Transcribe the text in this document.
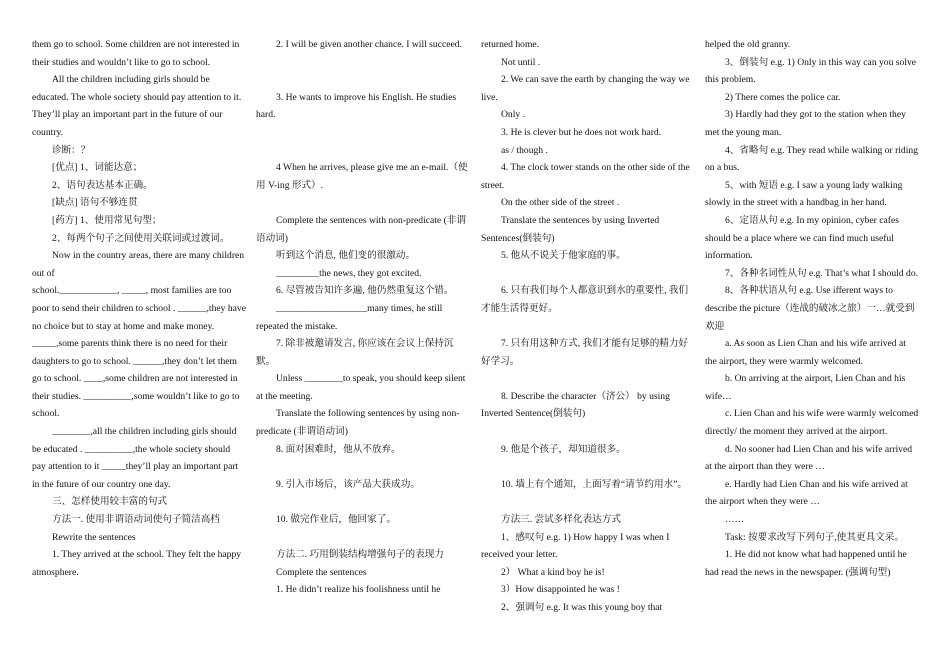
them go to school. Some children are not interested in their studies and wouldn’t like to go to school.

All the children including girls should be educated. The whole society should pay attention to it. They’ll play an important part in the future of our country.

诊断：？

[优点] 1、词能达意；

2、语句表达基本正确。

[缺点] 语句不够连贯

[药方] 1、使用常见句型；

2、每两个句子之间使用关联词或过渡词。

Now in the country areas, there are many children out of

school.____________, _____, most families are too poor to send their children to school . ______,they have no choice but to stay at home and make money. _____,some parents think there is no need for their daughters to go to school. ______,they don’t let them go to school. ____,some children are not interested in their studies. __________,some wouldn’t like to go to school.

________,all the children including girls should be educated . __________,the whole society should pay attention to it _____they’ll play an important part in the future of our country one day.

三、怎样使用较丰富的句式

方法一. 使用非谓语动词使句子简洁高档

Rewrite the sentences

1. They arrived at the school. They felt the happy atmosphere.

2. I will be given another chance. I will succeed.

3. He wants to improve his English. He studies hard.

4 When he arrives, please give me an e-mail.（使用 V-ing 形式）.

Complete the sentences with non-predicate (非谓语动词)

听到这个消息, 他们变的很激动。

_________the news, they got excited.

6. 尽管被告知许多遍, 他仍然重复这个错。

___________________many times, he still repeated the mistake.

7. 除非被邀请发言, 你应该在会议上保持沉默。

Unless ________to speak, you should keep silent at the meeting.

Translate the following sentences by using non-predicate (非谓语动词)

8. 面对困难时，他从不放弃。

9. 引入市场后，该产品大获成功。

10. 做完作业后，他回家了。

方法二. 巧用倒装结构增强句子的表现力

Complete the sentences

1. He didn’t realize his foolishness until he

returned home.

Not until .

2. We can save the earth by changing the way we live.

Only .

3. He is clever but he does not work hard.

as / though .

4. The clock tower stands on the other side of the street.

On the other side of the street .

Translate the sentences by using Inverted Sentences(倒装句)

5. 他从不说关于他家庭的事。

6. 只有我们每个人都意识到水的重要性, 我们才能生活得更好。

7. 只有用这种方式, 我们才能有足够的精力好好学习。

8. Describe the character（济公） by using Inverted Sentence(倒装句)

9. 他是个孩子，却知道很多。

10. 墙上有个通知，上面写着“请节约用水”。

方法三. 尝试多样化表达方式

1、感叹句 e.g. 1) How happy I was when I received your letter.

2） What a kind boy he is!

3）How disappointed he was !

2、强调句 e.g. It was this young boy that

helped the old granny.

3、倒装句 e.g. 1) Only in this way can you solve this problem.

2) There comes the police car.

3) Hardly had they got to the station when they met the young man.

4、省略句 e.g. They read while walking or riding on a bus.

5、with 短语 e.g. I saw a young lady walking slowly in the street with a handbag in her hand.

6、定语从句 e.g. In my opinion, cyber cafes should be a place where we can find much useful information.

7、各种名词性从句 e.g. That’s what I should do.

8、各种状语从句 e.g. Use ifferent ways to describe the picture（连战的破冰之旅）一…就受到欢迎

a. As soon as Lien Chan and his wife arrived at the airport, they were warmly welcomed.

b. On arriving at the airport, Lien Chan and his wife…

c. Lien Chan and his wife were warmly welcomed directly/ the moment they arrived at the airport.

d. No sooner had Lien Chan and his wife arrived at the airport than they were …

e. Hardly had Lien Chan and his wife arrived at the airport when they were …

……

Task: 按要求改写下列句子,使其更具文采。

1. He did not know what had happened until he had read the news in the newspaper. (强调句型)
